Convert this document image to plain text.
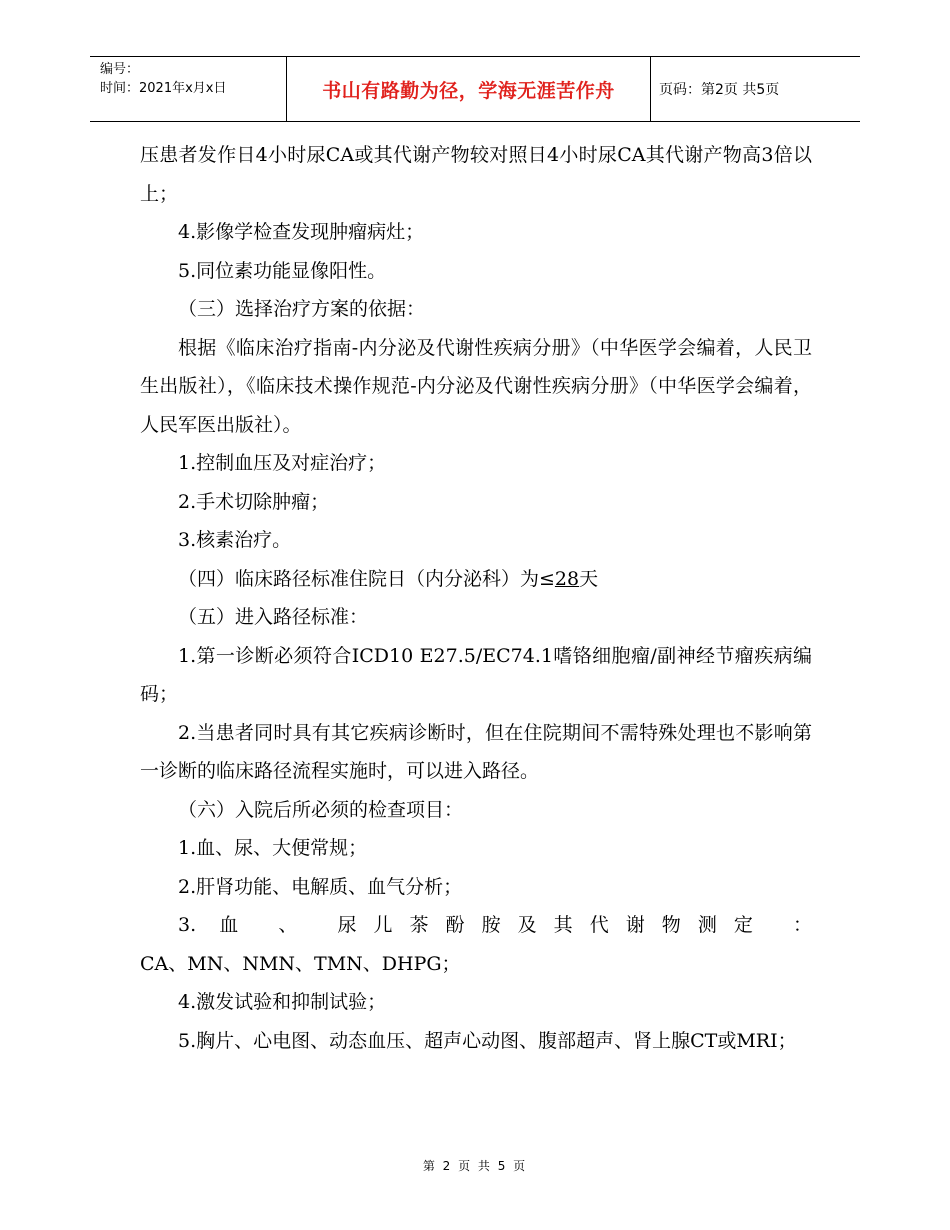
编号：
时间：2021年x月x日	书山有路勤为径，学海无涯苦作舟	页码：第2页 共5页

压患者发作日4小时尿CA或其代谢产物较对照日4小时尿CA其代谢产物高3倍以上；

4.影像学检查发现肿瘤病灶；

5.同位素功能显像阳性。

（三）选择治疗方案的依据：

根据《临床治疗指南-内分泌及代谢性疾病分册》（中华医学会编着，人民卫生出版社），《临床技术操作规范-内分泌及代谢性疾病分册》（中华医学会编着，人民军医出版社）。

1.控制血压及对症治疗；

2.手术切除肿瘤；

3.核素治疗。

（四）临床路径标准住院日（内分泌科）为≤28天

（五）进入路径标准：

1.第一诊断必须符合ICD10 E27.5/EC74.1嗜铬细胞瘤/副神经节瘤疾病编码；

2.当患者同时具有其它疾病诊断时，但在住院期间不需特殊处理也不影响第一诊断的临床路径流程实施时，可以进入路径。

（六）入院后所必须的检查项目：

1.血、尿、大便常规；

2.肝肾功能、电解质、血气分析；

3. 血 、 尿儿茶酚胺及其代谢物测定 ：

CA、MN、NMN、TMN、DHPG；

4.激发试验和抑制试验；

5.胸片、心电图、动态血压、超声心动图、腹部超声、肾上腺CT或MRI；

第 2 页 共 5 页
